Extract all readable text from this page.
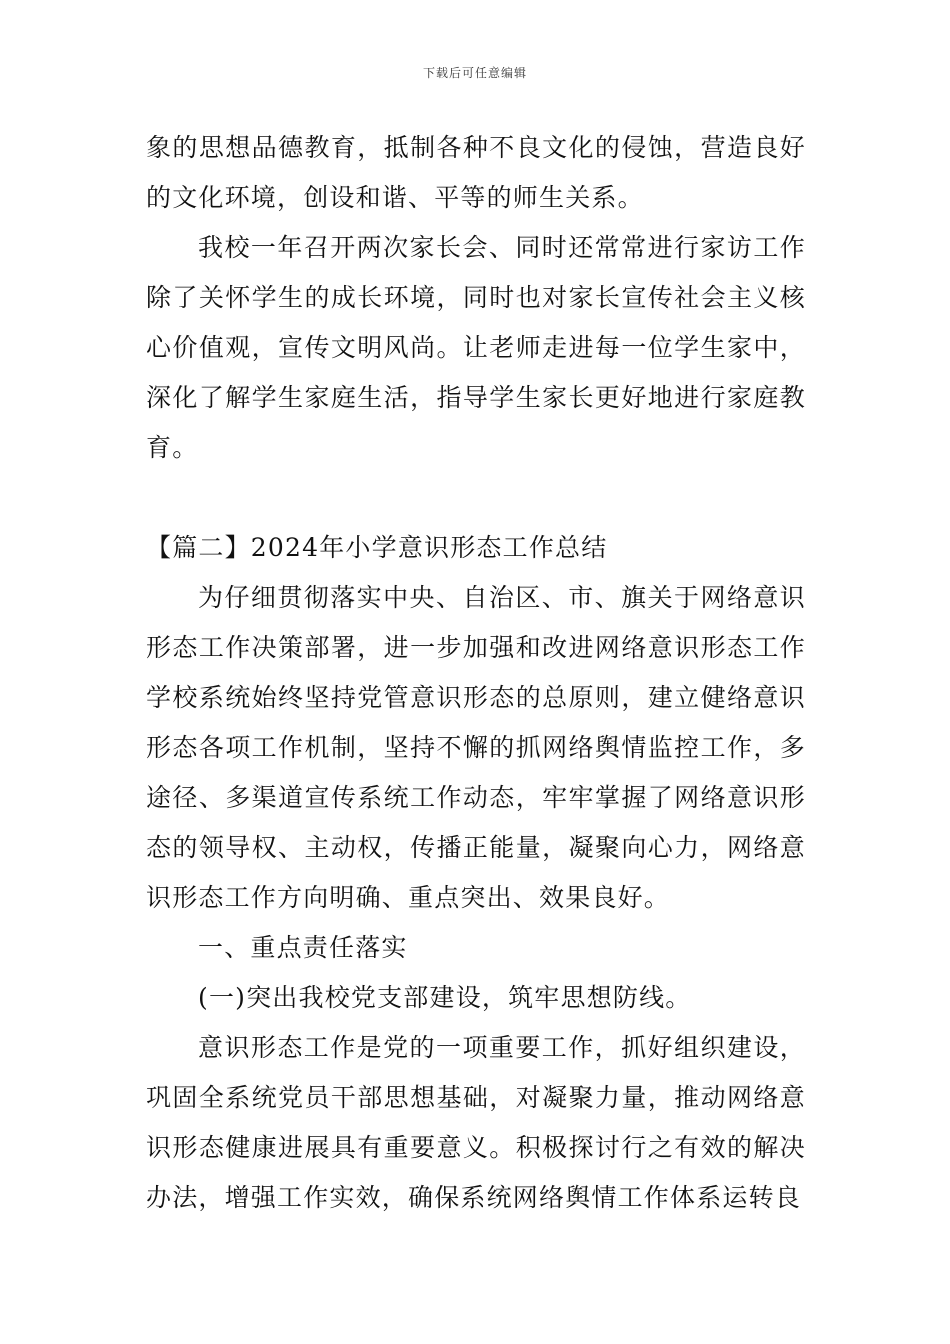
下载后可任意编辑

象的思想品德教育，抵制各种不良文化的侵蚀，营造良好的文化环境，创设和谐、平等的师生关系。

我校一年召开两次家长会、同时还常常进行家访工作除了关怀学生的成长环境，同时也对家长宣传社会主义核心价值观，宣传文明风尚。让老师走进每一位学生家中，深化了解学生家庭生活，指导学生家长更好地进行家庭教育。

【篇二】2024年小学意识形态工作总结

为仔细贯彻落实中央、自治区、市、旗关于网络意识形态工作决策部署，进一步加强和改进网络意识形态工作学校系统始终坚持党管意识形态的总原则，建立健络意识形态各项工作机制，坚持不懈的抓网络舆情监控工作，多途径、多渠道宣传系统工作动态，牢牢掌握了网络意识形态的领导权、主动权，传播正能量，凝聚向心力，网络意识形态工作方向明确、重点突出、效果良好。

一、重点责任落实

(一)突出我校党支部建设，筑牢思想防线。

意识形态工作是党的一项重要工作，抓好组织建设，巩固全系统党员干部思想基础，对凝聚力量，推动网络意识形态健康进展具有重要意义。积极探讨行之有效的解决办法，增强工作实效，确保系统网络舆情工作体系运转良
